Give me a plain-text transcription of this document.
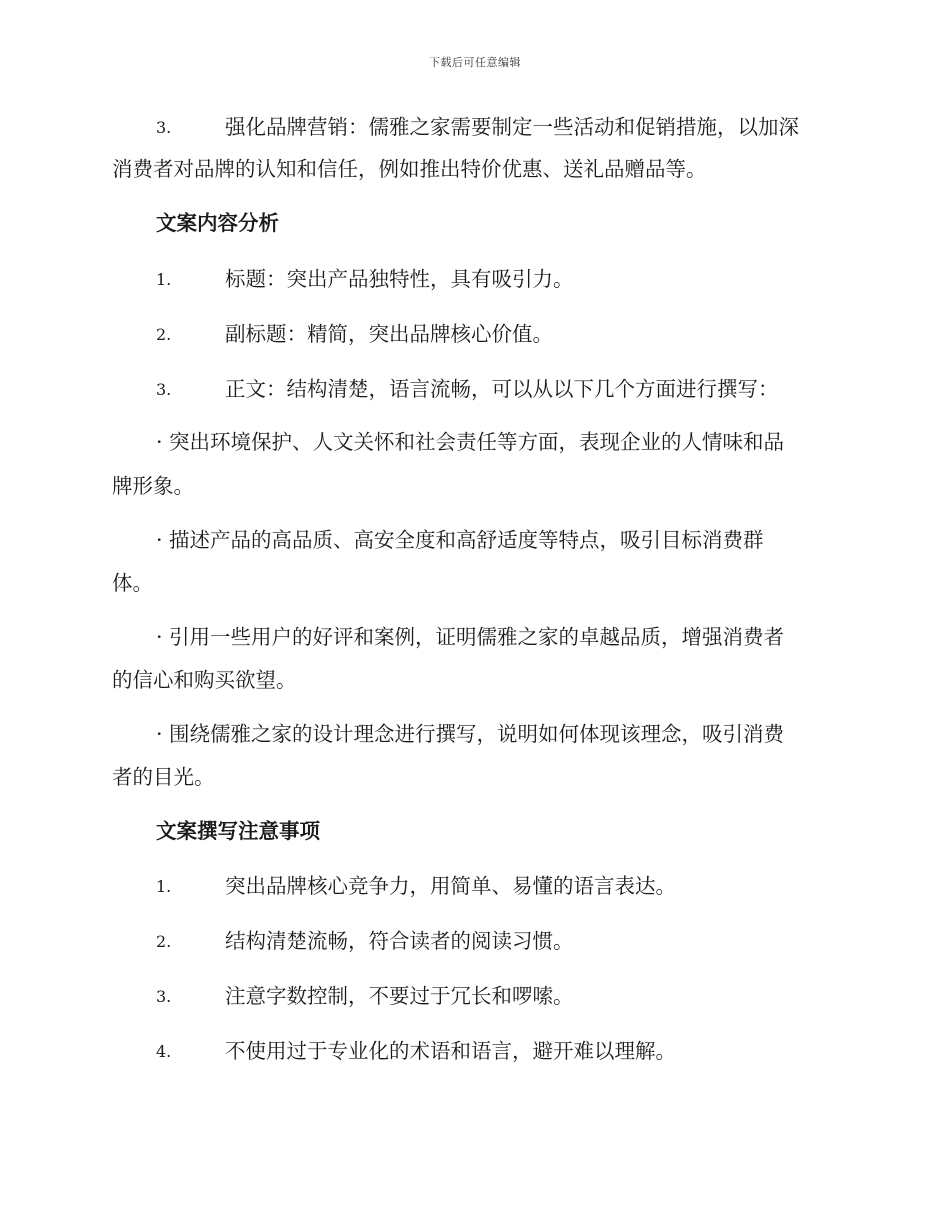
下载后可任意编辑
3.	强化品牌营销：儒雅之家需要制定一些活动和促销措施，以加深
消费者对品牌的认知和信任，例如推出特价优惠、送礼品赠品等。
文案内容分析
1.	标题：突出产品独特性，具有吸引力。
2.	副标题：精简，突出品牌核心价值。
3.	正文：结构清楚，语言流畅，可以从以下几个方面进行撰写：
· 突出环境保护、人文关怀和社会责任等方面，表现企业的人情味和品
牌形象。
· 描述产品的高品质、高安全度和高舒适度等特点，吸引目标消费群
体。
· 引用一些用户的好评和案例，证明儒雅之家的卓越品质，增强消费者
的信心和购买欲望。
· 围绕儒雅之家的设计理念进行撰写，说明如何体现该理念，吸引消费
者的目光。
文案撰写注意事项
1.	突出品牌核心竞争力，用简单、易懂的语言表达。
2.	结构清楚流畅，符合读者的阅读习惯。
3.	注意字数控制，不要过于冗长和啰嗦。
4.	不使用过于专业化的术语和语言，避开难以理解。
